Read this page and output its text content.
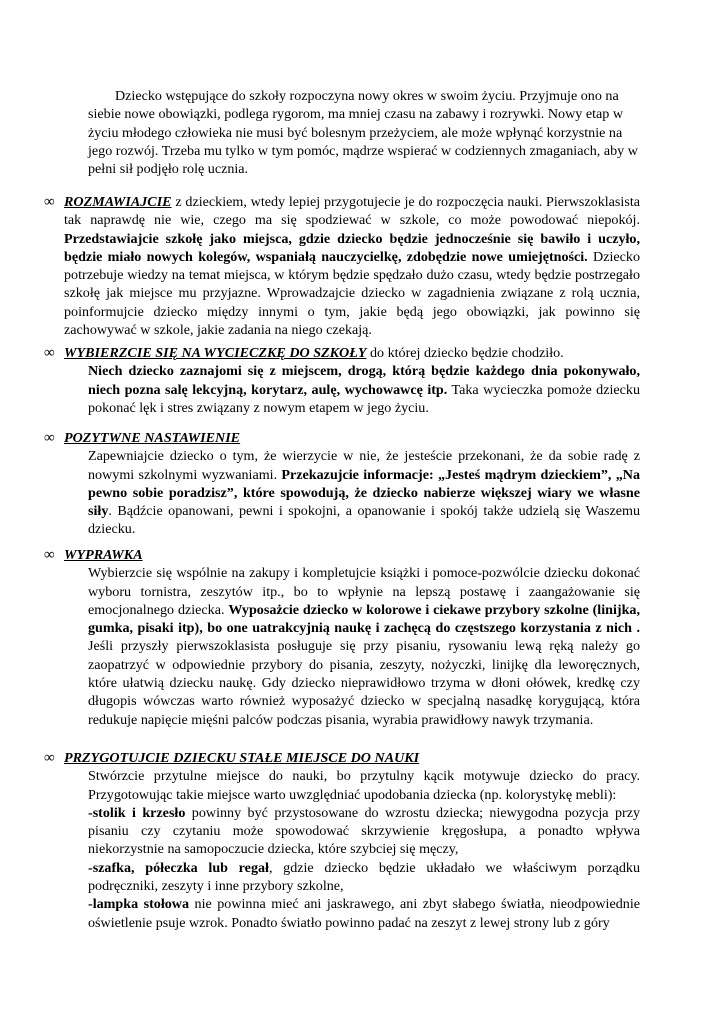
Dziecko wstępujące do szkoły rozpoczyna nowy okres w swoim życiu. Przyjmuje ono na siebie nowe obowiązki, podlega rygorom, ma mniej czasu na zabawy i rozrywki. Nowy etap w życiu młodego człowieka nie musi być bolesnym przeżyciem, ale może wpłynąć korzystnie na jego rozwój. Trzeba mu tylko w tym pomóc, mądrze wspierać w codziennych zmaganiach, aby w pełni sił podjęło rolę ucznia.

∞ ROZMAWIAJCIE z dzieckiem, wtedy lepiej przygotujecie je do rozpoczęcia nauki. Pierwszoklasista tak naprawdę nie wie, czego ma się spodziewać w szkole, co może powodować niepokój. Przedstawiajcie szkołę jako miejsca, gdzie dziecko będzie jednocześnie się bawiło i uczyło, będzie miało nowych kolegów, wspaniałą nauczycielkę, zdobędzie nowe umiejętności. Dziecko potrzebuje wiedzy na temat miejsca, w którym będzie spędzało dużo czasu, wtedy będzie postrzegało szkołę jak miejsce mu przyjazne. Wprowadzajcie dziecko w zagadnienia związane z rolą ucznia, poinformujcie dziecko między innymi o tym, jakie będą jego obowiązki, jak powinno się zachowywać w szkole, jakie zadania na niego czekają.

∞ WYBIERZCIE SIĘ NA WYCIECZKĘ DO SZKOŁY do której dziecko będzie chodziło.

Niech dziecko zaznajomi się z miejscem, drogą, którą będzie każdego dnia pokonywało, niech pozna salę lekcyjną, korytarz, aulę, wychowawcę itp. Taka wycieczka pomoże dziecku pokonać lęk i stres związany z nowym etapem w jego życiu.

∞ POZYTWNE NASTAWIENIE

Zapewniajcie dziecko o tym, że wierzycie w nie, że jesteście przekonani, że da sobie radę z nowymi szkolnymi wyzwaniami. Przekazujcie informacje: „Jesteś mądrym dzieckiem”, „Na pewno sobie poradzisz”, które spowodują, że dziecko nabierze większej wiary we własne siły. Bądźcie opanowani, pewni i spokojni, a opanowanie i spokój także udzielą się Waszemu dziecku.

∞ WYPRAWKA

Wybierzcie się wspólnie na zakupy i kompletujcie książki i pomoce-pozwólcie dziecku dokonać wyboru tornistra, zeszytów itp., bo to wpłynie na lepszą postawę i zaangażowanie się emocjonalnego dziecka. Wyposażcie dziecko w kolorowe i ciekawe przybory szkolne (linijka, gumka, pisaki itp), bo one uatrakcyjnią naukę i zachęcą do częstszego korzystania z nich . Jeśli przyszły pierwszoklasista posługuje się przy pisaniu, rysowaniu lewą ręką należy go zaopatrzyć w odpowiednie przybory do pisania, zeszyty, nożyczki, linijkę dla leworęcznych, które ułatwią dziecku naukę. Gdy dziecko nieprawidłowo trzyma w dłoni ołówek, kredkę czy długopis wówczas warto również wyposażyć dziecko w specjalną nasadkę korygującą, która redukuje napięcie mięśni palców podczas pisania, wyrabia prawidłowy nawyk trzymania.

∞ PRZYGOTUJCIE DZIECKU STAŁE MIEJSCE DO NAUKI

Stwórzcie przytulne miejsce do nauki, bo przytulny kącik motywuje dziecko do pracy. Przygotowując takie miejsce warto uwzględniać upodobania dziecka (np. kolorystykę mebli):

-stolik i krzesło powinny być przystosowane do wzrostu dziecka; niewygodna pozycja przy pisaniu czy czytaniu może spowodować skrzywienie kręgosłupa, a ponadto wpływa niekorzystnie na samopoczucie dziecka, które szybciej się męczy,

-szafka, półeczka lub regał, gdzie dziecko będzie układało we właściwym porządku podręczniki, zeszyty i inne przybory szkolne,

-lampka stołowa nie powinna mieć ani jaskrawego, ani zbyt słabego światła, nieodpowiednie oświetlenie psuje wzrok. Ponadto światło powinno padać na zeszyt z lewej strony lub z góry
